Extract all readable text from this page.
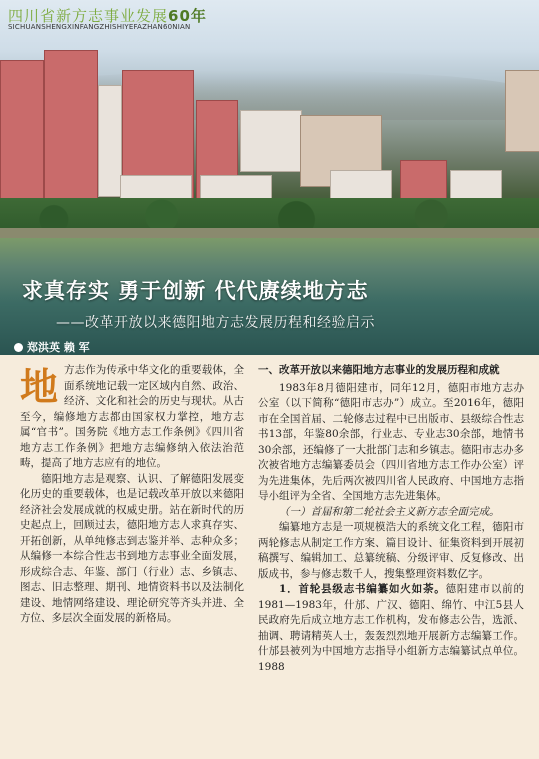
四川省新方志事业发展60年
SICHUANSHENGXINFANGZHISHIYEFAZHAN60NIAN
求真存实 勇于创新 代代赓续地方志
——改革开放以来德阳地方志发展历程和经验启示
郑洪英 赖 军

地方志作为传承中华文化的重要载体，全面系统地记载一定区域内自然、政治、经济、文化和社会的历史与现状。从古至今，编修地方志都由国家权力掌控，地方志属“官书”。国务院《地方志工作条例》《四川省地方志工作条例》把地方志编修纳入依法治范畴，提高了地方志应有的地位。

德阳地方志是观察、认识、了解德阳发展变化历史的重要载体，也是记载改革开放以来德阳经济社会发展成就的权威史册。站在新时代的历史起点上，回顾过去，德阳地方志人求真存实、开拓创新，从单纯修志到志鉴并举、志种众多；从编修一本综合性志书到地方志事业全面发展，形成综合志、年鉴、部门（行业）志、乡镇志、图志、旧志整理、期刊、地情资料书以及法制化建设、地情网络建设、理论研究等齐头并进、全方位、多层次全面发展的新格局。

一、改革开放以来德阳地方志事业的发展历程和成就

1983年8月德阳建市，同年12月，德阳市地方志办公室（以下简称“德阳市志办”）成立。至2016年，德阳市在全国首届、二轮修志过程中已出版市、县级综合性志书13部，年鉴80余部，行业志、专业志30余部，地情书30余部，还编修了一大批部门志和乡镇志。德阳市志办多次被省地方志编纂委员会（四川省地方志工作办公室）评为先进集体，先后两次被四川省人民政府、中国地方志指导小组评为全省、全国地方志先进集体。

（一）首届和第二轮社会主义新方志全面完成。

编纂地方志是一项规模浩大的系统文化工程，德阳市两轮修志从制定工作方案、篇目设计、征集资料到开展初稿撰写、编辑加工、总纂统稿、分级评审、反复修改、出版成书，参与修志数千人，搜集整理资料数亿字。

1．首轮县级志书编纂如火如荼。德阳建市以前的1981—1983年，什邡、广汉、德阳、绵竹、中江5县人民政府先后成立地方志工作机构，发布修志公告，选派、抽调、聘请精英人士，轰轰烈烈地开展新方志编纂工作。什邡县被列为中国地方志指导小组新方志编纂试点单位。1988
